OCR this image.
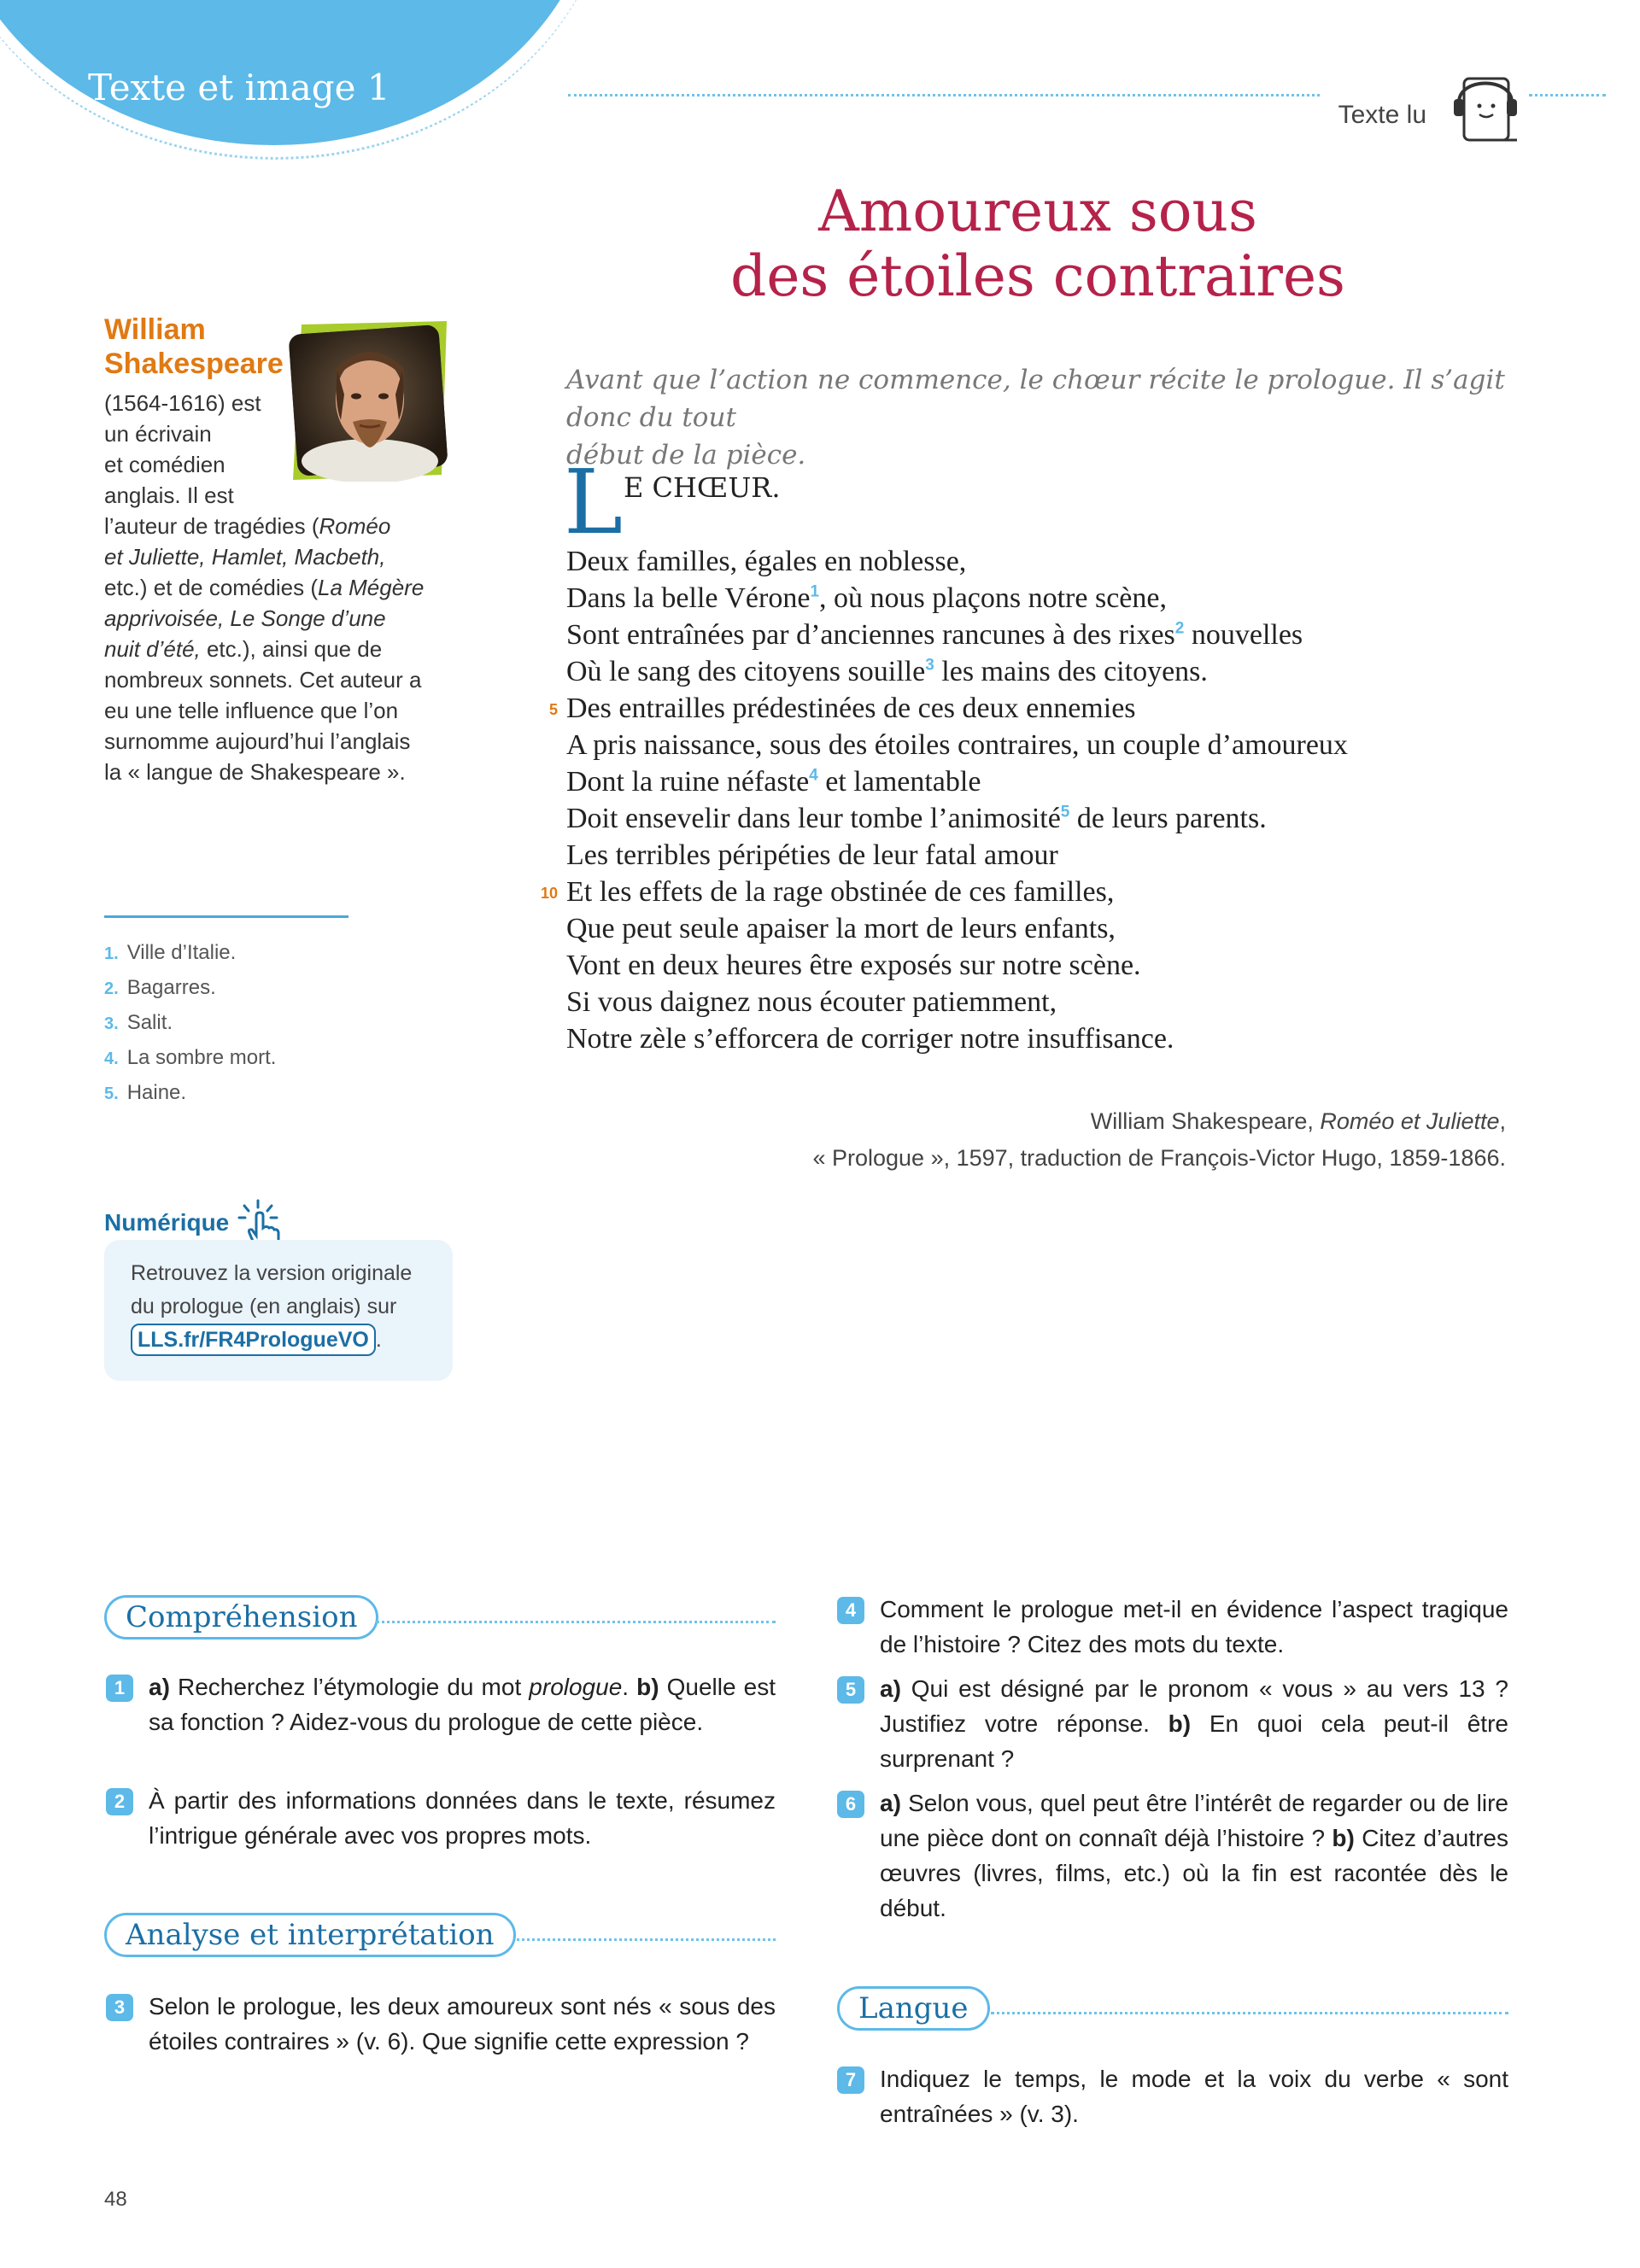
Texte et image 1
Texte lu
Amoureux sous
des étoiles contraires
William
Shakespeare
(1564-1616) est
un écrivain
et comédien
anglais. Il est
l’auteur de tragédies (Roméo
et Juliette, Hamlet, Macbeth,
etc.) et de comédies (La Mégère
apprivoisée, Le Songe d’une
nuit d’été, etc.), ainsi que de
nombreux sonnets. Cet auteur a
eu une telle influence que l’on
surnomme aujourd’hui l’anglais
la « langue de Shakespeare ».
1. Ville d’Italie.
2. Bagarres.
3. Salit.
4. La sombre mort.
5. Haine.
Avant que l’action ne commence, le chœur récite le prologue. Il s’agit donc du tout
début de la pièce.
L E CHŒUR.
Deux familles, égales en noblesse,
Dans la belle Vérone$^1$, où nous plaçons notre scène,
Sont entraînées par d’anciennes rancunes à des rixes$^2$ nouvelles
Où le sang des citoyens souille$^3$ les mains des citoyens.
5 Des entrailles prédestinées de ces deux ennemies
A pris naissance, sous des étoiles contraires, un couple d’amoureux
Dont la ruine néfaste$^4$ et lamentable
Doit ensevelir dans leur tombe l’animosité$^5$ de leurs parents.
Les terribles péripéties de leur fatal amour
10 Et les effets de la rage obstinée de ces familles,
Que peut seule apaiser la mort de leurs enfants,
Vont en deux heures être exposés sur notre scène.
Si vous daignez nous écouter patiemment,
Notre zèle s’efforcera de corriger notre insuffisance.
William Shakespeare, Roméo et Juliette,
« Prologue », 1597, traduction de François-Victor Hugo, 1859-1866.
Numérique
Retrouvez la version originale
du prologue (en anglais) sur
LLS.fr/FR4PrologueVO .
Compréhension
1 a) Recherchez l’étymologie du mot prologue. b) Quelle est sa fonction ? Aidez-vous du prologue de cette pièce.
2 À partir des informations données dans le texte, résumez l’intrigue générale avec vos propres mots.
Analyse et interprétation
3 Selon le prologue, les deux amoureux sont nés « sous des étoiles contraires » (v. 6). Que signifie cette expression ?
4 Comment le prologue met-il en évidence l’aspect tragique de l’histoire ? Citez des mots du texte.
5 a) Qui est désigné par le pronom « vous » au vers 13 ? Justifiez votre réponse. b) En quoi cela peut-il être surprenant ?
6 a) Selon vous, quel peut être l’intérêt de regarder ou de lire une pièce dont on connaît déjà l’histoire ? b) Citez d’autres œuvres (livres, films, etc.) où la fin est racontée dès le début.
Langue
7 Indiquez le temps, le mode et la voix du verbe « sont entraînées » (v. 3).
48
